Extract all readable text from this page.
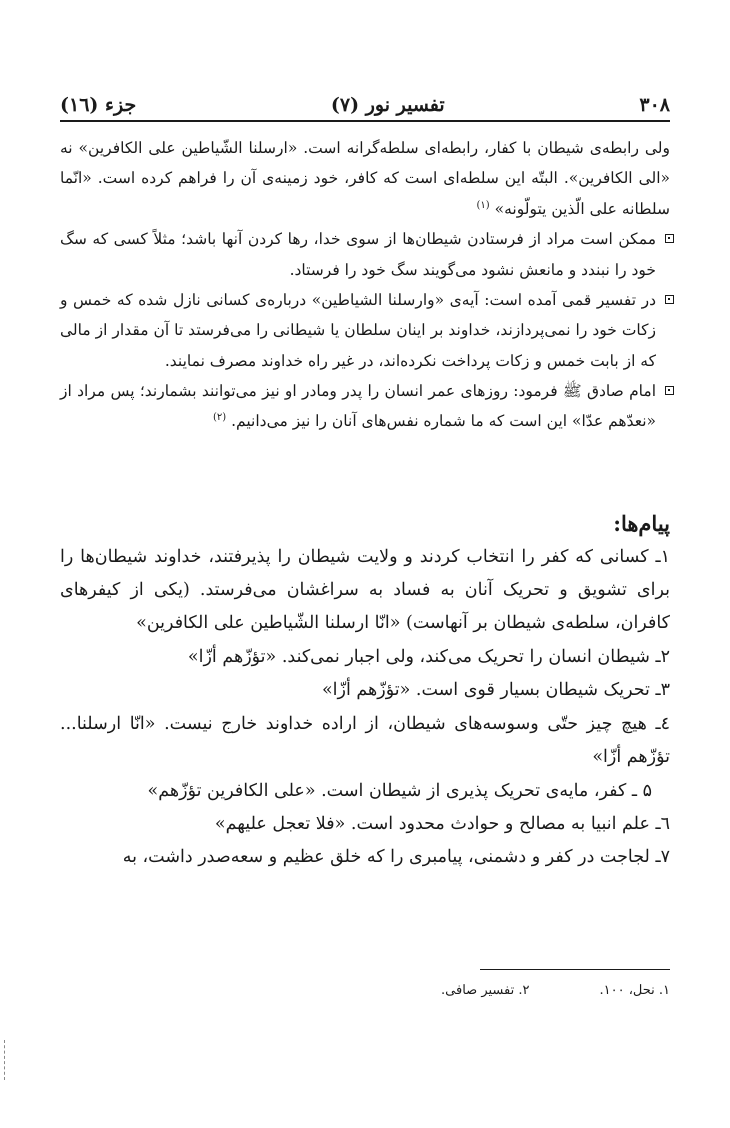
۳۰۸
تفسیر نور (۷)
جزء (۱٦)

ولی رابطه‌ی شیطان با کفار، رابطه‌ای سلطه‌گرانه است. «ارسلنا الشّیاطین علی الکافرین» نه «الی الکافرین». البتّه این سلطه‌ای است که کافر، خود زمینه‌ی آن را فراهم کرده است. «انّما سلطانه علی الّذین یتولّونه» $^{(۱)}$

ممکن است مراد از فرستادن شیطان‌ها از سوی خدا، رها کردن آنها باشد؛ مثلاً کسی که سگ خود را نبندد و مانعش نشود می‌گویند سگ خود را فرستاد.

در تفسیر قمی آمده است: آیه‌ی «وارسلنا الشیاطین» درباره‌ی کسانی نازل شده که خمس و زکات خود را نمی‌پردازند، خداوند بر اینان سلطان یا شیطانی را می‌فرستد تا آن مقدار از مالی که از بابت خمس و زکات پرداخت نکرده‌اند، در غیر راه خداوند مصرف نمایند.

امام صادق ﷺ فرمود: روزهای عمر انسان را پدر ومادر او نیز می‌توانند بشمارند؛ پس مراد از «نعدّهم عدّا» این است که ما شماره نفس‌های آنان را نیز می‌دانیم. $^{(۲)}$

پیام‌ها:

۱ـ کسانی که کفر را انتخاب کردند و ولایت شیطان را پذیرفتند، خداوند شیطان‌ها را برای تشویق و تحریک آنان به فساد به سراغشان می‌فرستد. (یکی از کیفرهای کافران، سلطه‌ی شیطان بر آنهاست) «انّا ارسلنا الشّیاطین علی الکافرین»

۲ـ شیطان انسان را تحریک می‌کند، ولی اجبار نمی‌کند. «تؤزّهم أزّا»

۳ـ تحریک شیطان بسیار قوی است. «تؤزّهم أزّا»

٤ـ هیچ چیز حتّی وسوسه‌های شیطان، از اراده خداوند خارج نیست. «انّا ارسلنا... تؤزّهم أزّا»

۵ ـ کفر، مایه‌ی تحریک پذیری از شیطان است. «علی الکافرین تؤزّهم»

٦ـ علم انبیا به مصالح و حوادث محدود است. «فلا تعجل علیهم»

۷ـ لجاجت در کفر و دشمنی، پیامبری را که خلق عظیم و سعه‌صدر داشت، به

۱. نحل، ۱۰۰.
۲. تفسیر صافی.
